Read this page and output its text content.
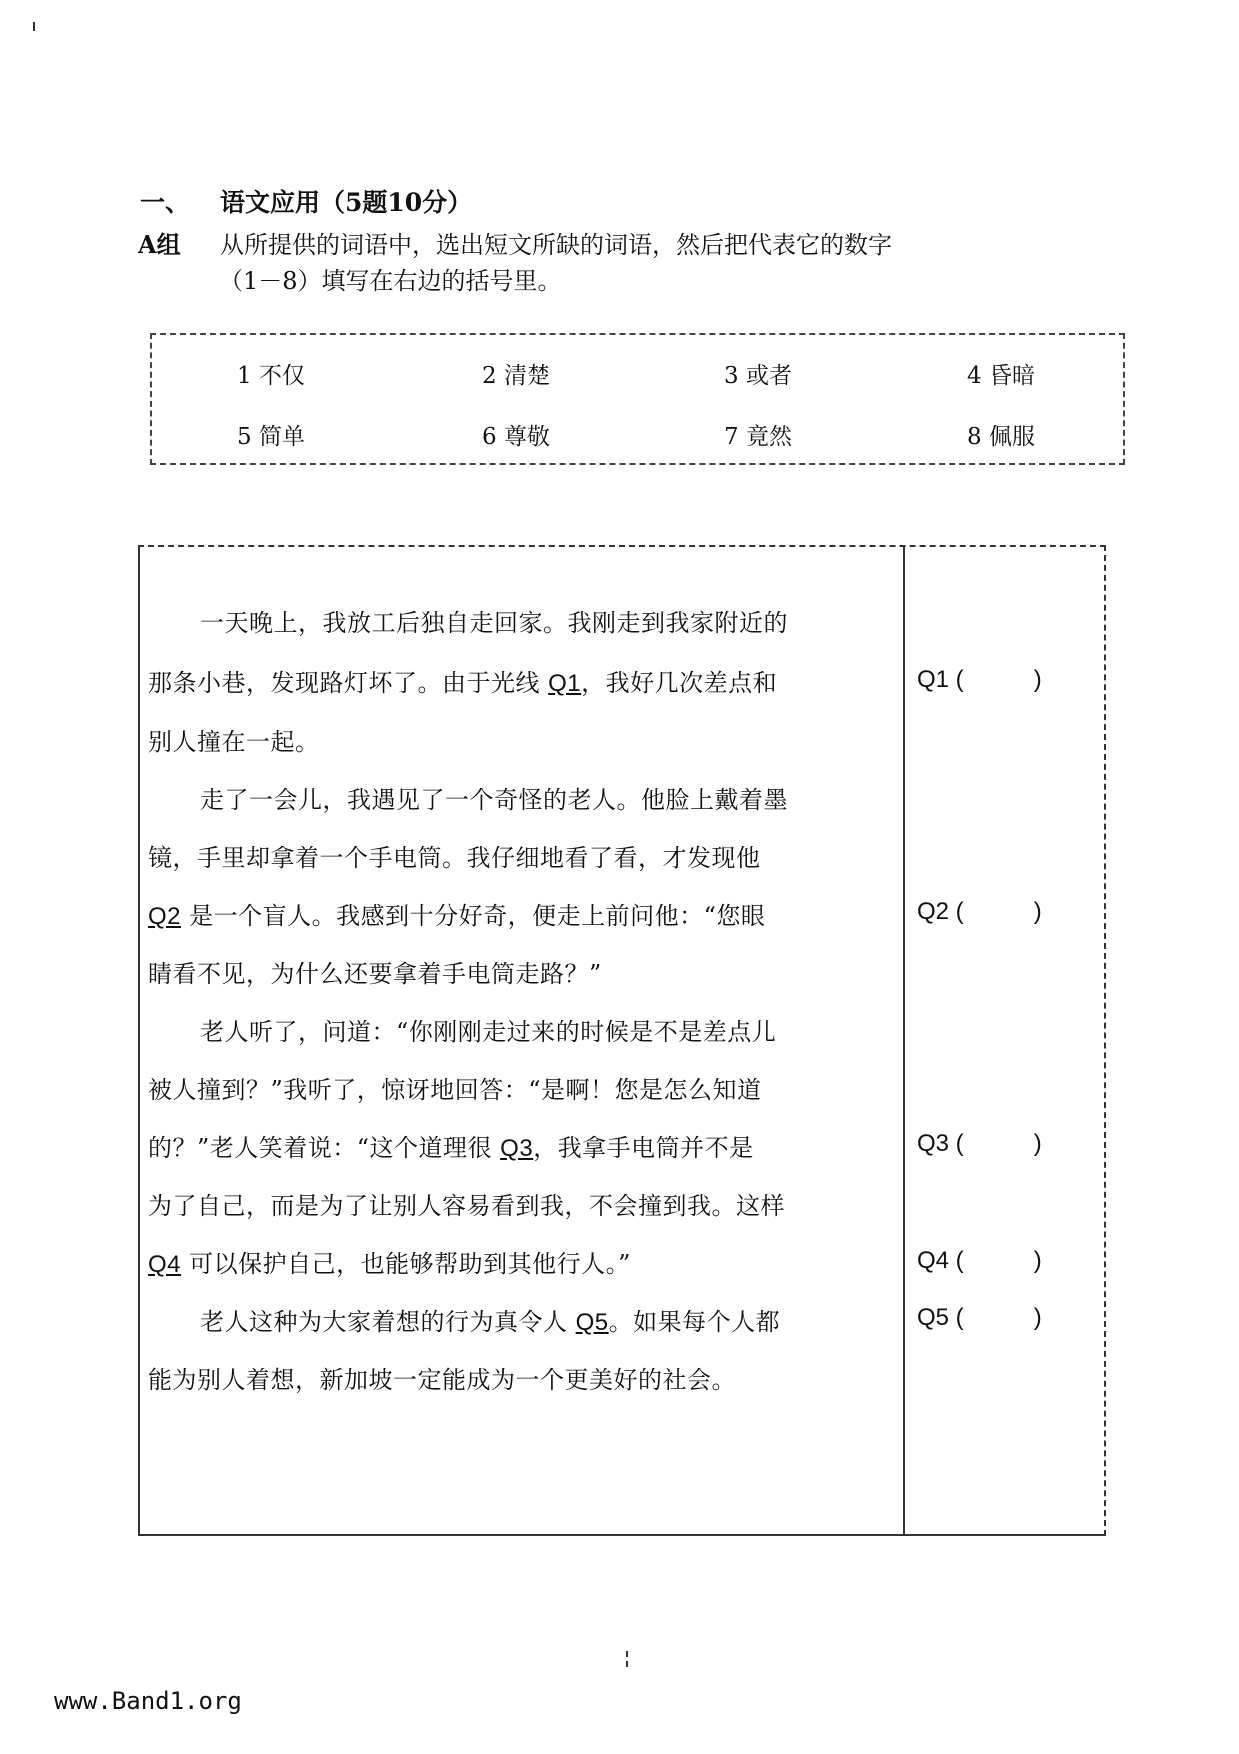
一、 语文应用（5题10分）
A组 从所提供的词语中，选出短文所缺的词语，然后把代表它的数字
（1－8）填写在右边的括号里。
1 不仅	2 清楚	3 或者	4 昏暗
5 简单	6 尊敬	7 竟然	8 佩服
一天晚上，我放工后独自走回家。我刚走到我家附近的
那条小巷，发现路灯坏了。由于光线 Q1，我好几次差点和
别人撞在一起。
走了一会儿，我遇见了一个奇怪的老人。他脸上戴着墨
镜，手里却拿着一个手电筒。我仔细地看了看，才发现他
Q2 是一个盲人。我感到十分好奇，便走上前问他：“您眼
睛看不见，为什么还要拿着手电筒走路？”
老人听了，问道：“你刚刚走过来的时候是不是差点儿
被人撞到？”我听了，惊讶地回答：“是啊！您是怎么知道
的？”老人笑着说：“这个道理很 Q3，我拿手电筒并不是
为了自己，而是为了让别人容易看到我，不会撞到我。这样
Q4 可以保护自己，也能够帮助到其他行人。”
老人这种为大家着想的行为真令人 Q5。如果每个人都
能为别人着想，新加坡一定能成为一个更美好的社会。
Q1 (	)
Q2 (	)
Q3 (	)
Q4 (	)
Q5 (	)
www.Band1.org
